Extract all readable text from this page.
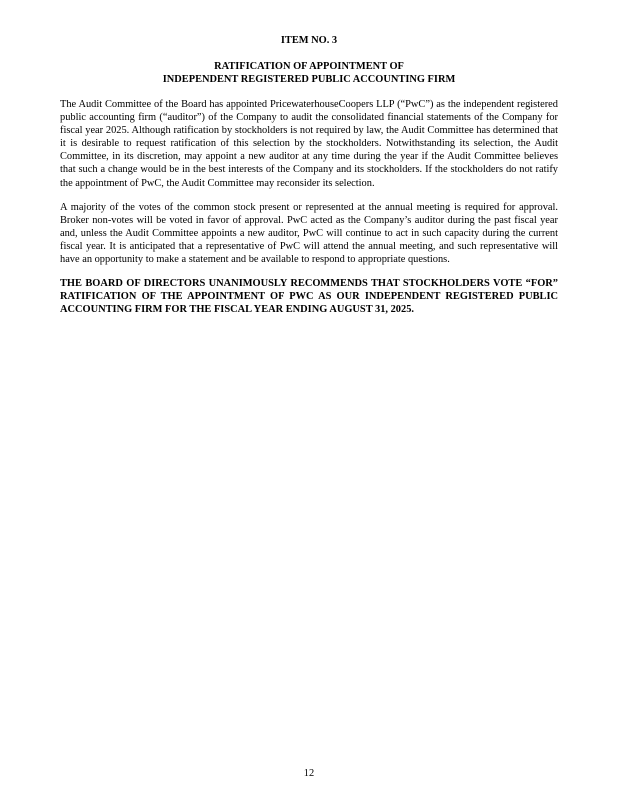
ITEM NO. 3
RATIFICATION OF APPOINTMENT OF
INDEPENDENT REGISTERED PUBLIC ACCOUNTING FIRM

The Audit Committee of the Board has appointed PricewaterhouseCoopers LLP (“PwC”) as the independent registered public accounting firm (“auditor”) of the Company to audit the consolidated financial statements of the Company for fiscal year 2025. Although ratification by stockholders is not required by law, the Audit Committee has determined that it is desirable to request ratification of this selection by the stockholders. Notwithstanding its selection, the Audit Committee, in its discretion, may appoint a new auditor at any time during the year if the Audit Committee believes that such a change would be in the best interests of the Company and its stockholders. If the stockholders do not ratify the appointment of PwC, the Audit Committee may reconsider its selection.

A majority of the votes of the common stock present or represented at the annual meeting is required for approval. Broker non-votes will be voted in favor of approval. PwC acted as the Company’s auditor during the past fiscal year and, unless the Audit Committee appoints a new auditor, PwC will continue to act in such capacity during the current fiscal year. It is anticipated that a representative of PwC will attend the annual meeting, and such representative will have an opportunity to make a statement and be available to respond to appropriate questions.

THE BOARD OF DIRECTORS UNANIMOUSLY RECOMMENDS THAT STOCKHOLDERS VOTE “FOR” RATIFICATION OF THE APPOINTMENT OF PWC AS OUR INDEPENDENT REGISTERED PUBLIC ACCOUNTING FIRM FOR THE FISCAL YEAR ENDING AUGUST 31, 2025.

12
